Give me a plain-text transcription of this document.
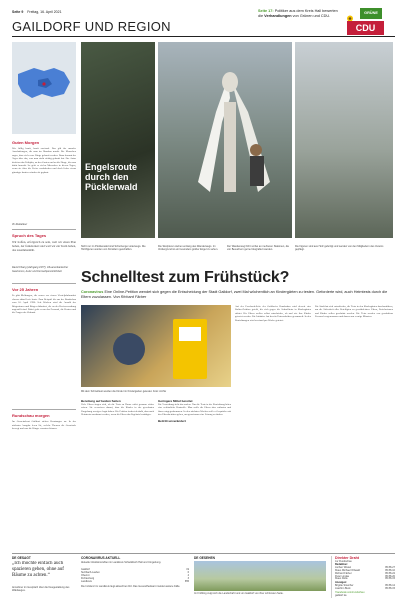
Seite 9 Freitag, 16. April 2021
GAILDORF UND REGION
Seite 17: Politiker aus dem Kreis Hall bewerten die Verhandlungen von Grünen und CDU.
GRÜNE
CDU
Guten Morgen
Wer billig kauft, kauft zweimal. Das gilt für manche Anschaffungen, die man im Hausbau macht. Die Menschen sagen, dass viele neue Dinge gekauft werden. Dann kommt der Ärger über das, was man nicht richtig gekauft hat. Der Autor denkt an das Frühjahr, an den Garten und an die Dinge, die man dafür braucht. So geht es vielen Menschen in diesen Tagen, wenn sie über die Preise nachdenken und doch lieber etwas günstiger kaufen würden als geplant.
Ihr Redakteur
Spruch des Tages
Wir hoffen, erfolgreich zu sein, weil wir einen Plan haben, der funktioniert und weil wir ein Team haben, das zusammenhält.
David Chang (Jahrgang 1977), US-amerikanischer Gastronom, Autor und Fernsehpersönlichkeit
Vor 25 Jahren
Es gibt Meldungen, die waren vor einem Vierteljahrhundert ebenso aktuell wie heute. Zum Beispiel die aus der Rundschau vom 16. April 1996: Seit Wochen wird die Anzahl der Bürgerinnen und Bürger diskutiert, die an der Kreisverwaltung angestellt sind. Dabei geht es um das Personal, die Kosten und die Fragen der Zukunft.
Rundschau morgen
Im Gemeinderat Gaildorf stehen Beratungen an. In der nächsten Ausgabe lesen Sie, welche Themen die Gemeinde bewegt und was die Bürger erwarten können.
Engelsroute durch den Pücklerwald
Nicht nur im Pücklerwald sind Schutzengel unterwegs. Die Holzfiguren wurden von Künstlern geschaffen.
Die Skulpturen stehen entlang des Wanderwegs. Im Vordergrund ist ein besonders großer Engel zu sehen.
Der Wanderweg führt vorbei an mehreren Stationen, die von Besuchern gerne fotografiert werden.
Die Figuren sind aus Holz gefertigt und werden von den Mitgliedern des Vereins gepflegt.
Schnelltest zum Frühstück?
Coronavirus Eine Online-Petition wendet sich gegen die Entscheidung der Stadt Gaildorf, zwei Mal wöchentlich an Kindergärten zu testen. Geforderte wird, auch Heimtests durch die Eltern zuzulassen. Von Richard Färber
Mit dem Schnelltest werden die Kinder im Kindergarten getestet. Foto: Archiv
Auf der Facebook-Seite der Gaildorfer Rundschau wird derzeit eine Online-Petition geteilt, die sich gegen die Schnelltests in Kindergärten richtet. Die Eltern wollen selbst entscheiden, ob und wie ihre Kinder getestet werden. Die Initiative hat bereits Unterschriften gesammelt. In den Einrichtungen wird zweimal pro Woche getestet.
Die Stadt hat sich entschieden, die Tests in den Kindergärten durchzuführen, um die Sicherheit aller Beteiligten zu gewährleisten. Eltern, Erzieherinnen und Kinder sollen geschützt werden. Die Tests werden von geschultem Personal vorgenommen und dauern nur wenige Minuten.
Bereitung auf beiden Seiten
Viele Eltern fragen sich, ob die Tests zu Hause nicht genauso sicher wären. Sie verweisen darauf, dass die Kinder in der gewohnten Umgebung weniger Angst haben. Die Petition fordert deshalb, dass auch Heimtests anerkannt werden, wenn die Eltern das Ergebnis bestätigen.
Geringere Mittel bereitet
Die Verwaltung sieht das anders. Nur die Tests in der Einrichtung böten eine verlässliche Kontrolle. Man wolle die Eltern aber entlasten und ihnen entgegenkommen. In den nächsten Wochen soll es Gespräche mit den Elternbeiräten geben, um gemeinsam eine Lösung zu finden.
Beitritt unverändert
DE GESAGT
„Ich möchte einfach auch spazieren gehen, ohne auf Bäume zu achten.“
Anwohner im Gespräch über die Neugestaltung des Waldweges.
CORONAVIRUS AKTUELL
Aktuelle Infektionszahlen im Landkreis Schwäbisch Hall und Umgebung.
Gaildorf	19
Sulzbach-Laufen	6
Oberrot	4
Fichtenberg	3
Landkreis	655
Die Inzidenz im Landkreis liegt aktuell bei 210. Das Gesundheitsamt meldet weitere Fälle.
DE GESEHEN
Im Frühling zeigt sich die Landschaft rund um Gaildorf von ihrer schönsten Seite.
Direkter Draht
zur Rundschau
Redaktion:
Jochen Wissel	95 88-27
Klaus Michael Oßwald	95 88-10
Richard Färber	95 88-22
Peter Lindau	95 88-20
Klaus Rolle	95 88-15
Anzeigen:
Brigitte Streicher	95 88-12
Joachim Buck	95 88-15
f facebook.com/rundschau
gaildorf.de
